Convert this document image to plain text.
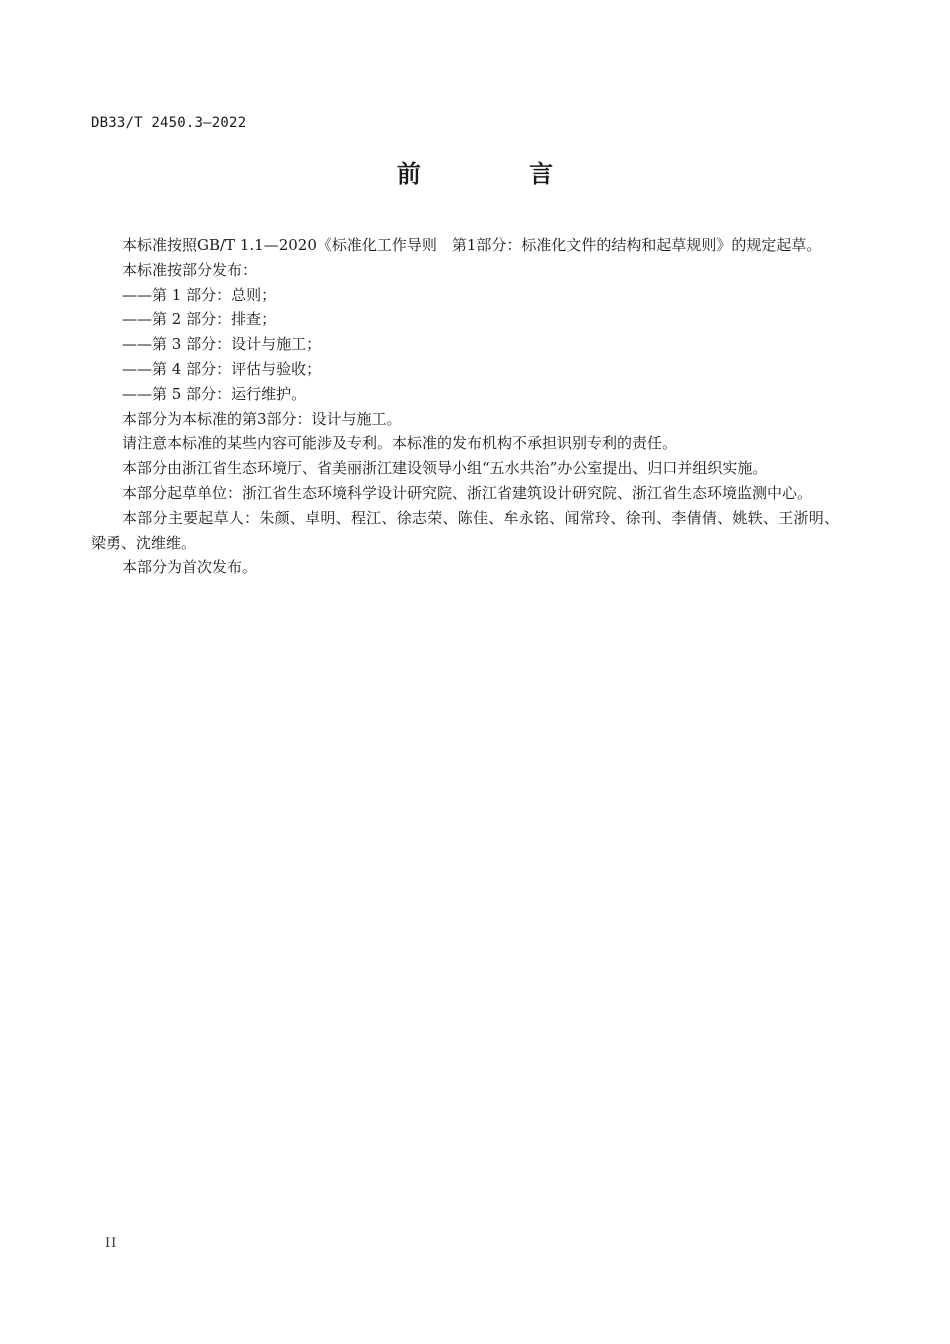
DB33/T 2450.3—2022
前 言

本标准按照GB/T 1.1—2020《标准化工作导则　第1部分：标准化文件的结构和起草规则》的规定起草。

本标准按部分发布：

——第 1 部分：总则；

——第 2 部分：排查；

——第 3 部分：设计与施工；

——第 4 部分：评估与验收；

——第 5 部分：运行维护。

本部分为本标准的第3部分：设计与施工。

请注意本标准的某些内容可能涉及专利。本标准的发布机构不承担识别专利的责任。

本部分由浙江省生态环境厅、省美丽浙江建设领导小组“五水共治”办公室提出、归口并组织实施。

本部分起草单位：浙江省生态环境科学设计研究院、浙江省建筑设计研究院、浙江省生态环境监测中心。

本部分主要起草人：朱颜、卓明、程江、徐志荣、陈佳、牟永铭、闻常玲、徐刊、李倩倩、姚轶、王浙明、梁勇、沈维维。

本部分为首次发布。

II
